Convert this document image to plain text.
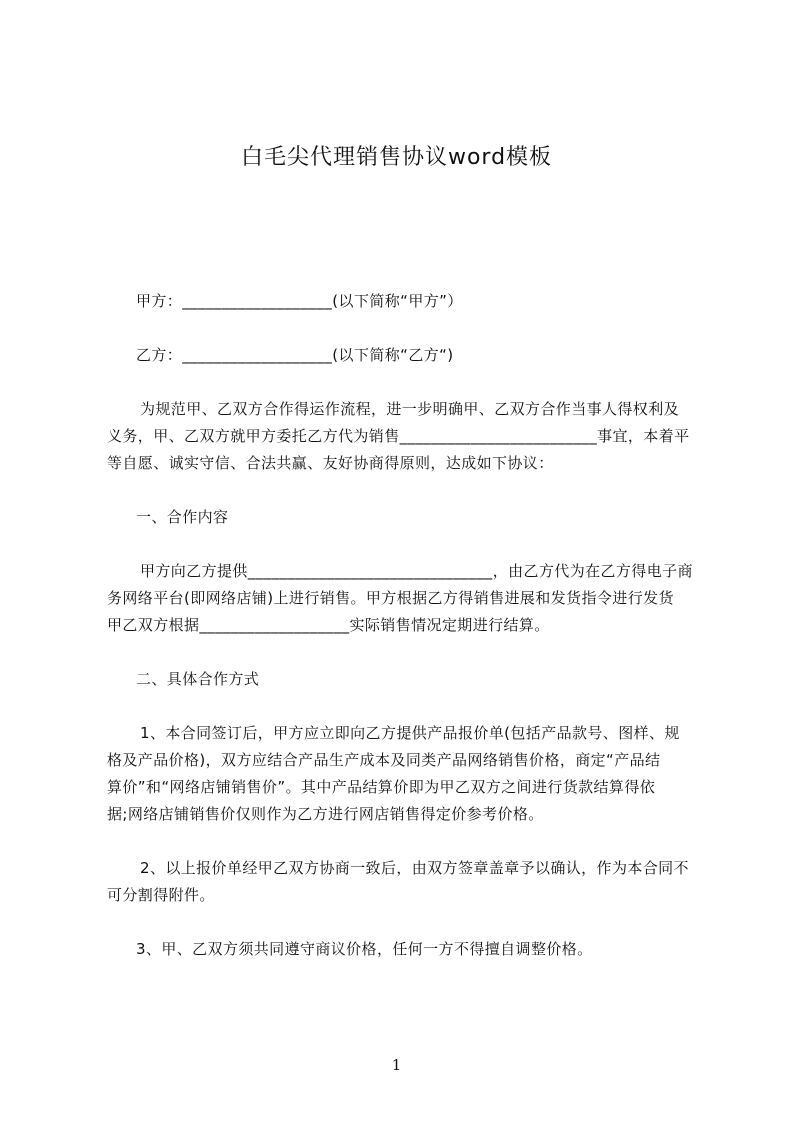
白毛尖代理销售协议word模板
甲方：___________________(以下简称“甲方”）
乙方：___________________(以下简称“乙方“)
为规范甲、乙双方合作得运作流程，进一步明确甲、乙双方合作当事人得权利及
义务，甲、乙双方就甲方委托乙方代为销售_________________________事宜，本着平
等自愿、诚实守信、合法共赢、友好协商得原则，达成如下协议：
一、合作内容
甲方向乙方提供_______________________________，由乙方代为在乙方得电子商
务网络平台(即网络店铺)上进行销售。甲方根据乙方得销售进展和发货指令进行发货
甲乙双方根据___________________实际销售情况定期进行结算。
二、具体合作方式
1、本合同签订后，甲方应立即向乙方提供产品报价单(包括产品款号、图样、规
格及产品价格)，双方应结合产品生产成本及同类产品网络销售价格，商定“产品结
算价”和“网络店铺销售价”。其中产品结算价即为甲乙双方之间进行货款结算得依
据;网络店铺销售价仅则作为乙方进行网店销售得定价参考价格。
2、以上报价单经甲乙双方协商一致后，由双方签章盖章予以确认，作为本合同不
可分割得附件。
3、甲、乙双方须共同遵守商议价格，任何一方不得擅自调整价格。
1
